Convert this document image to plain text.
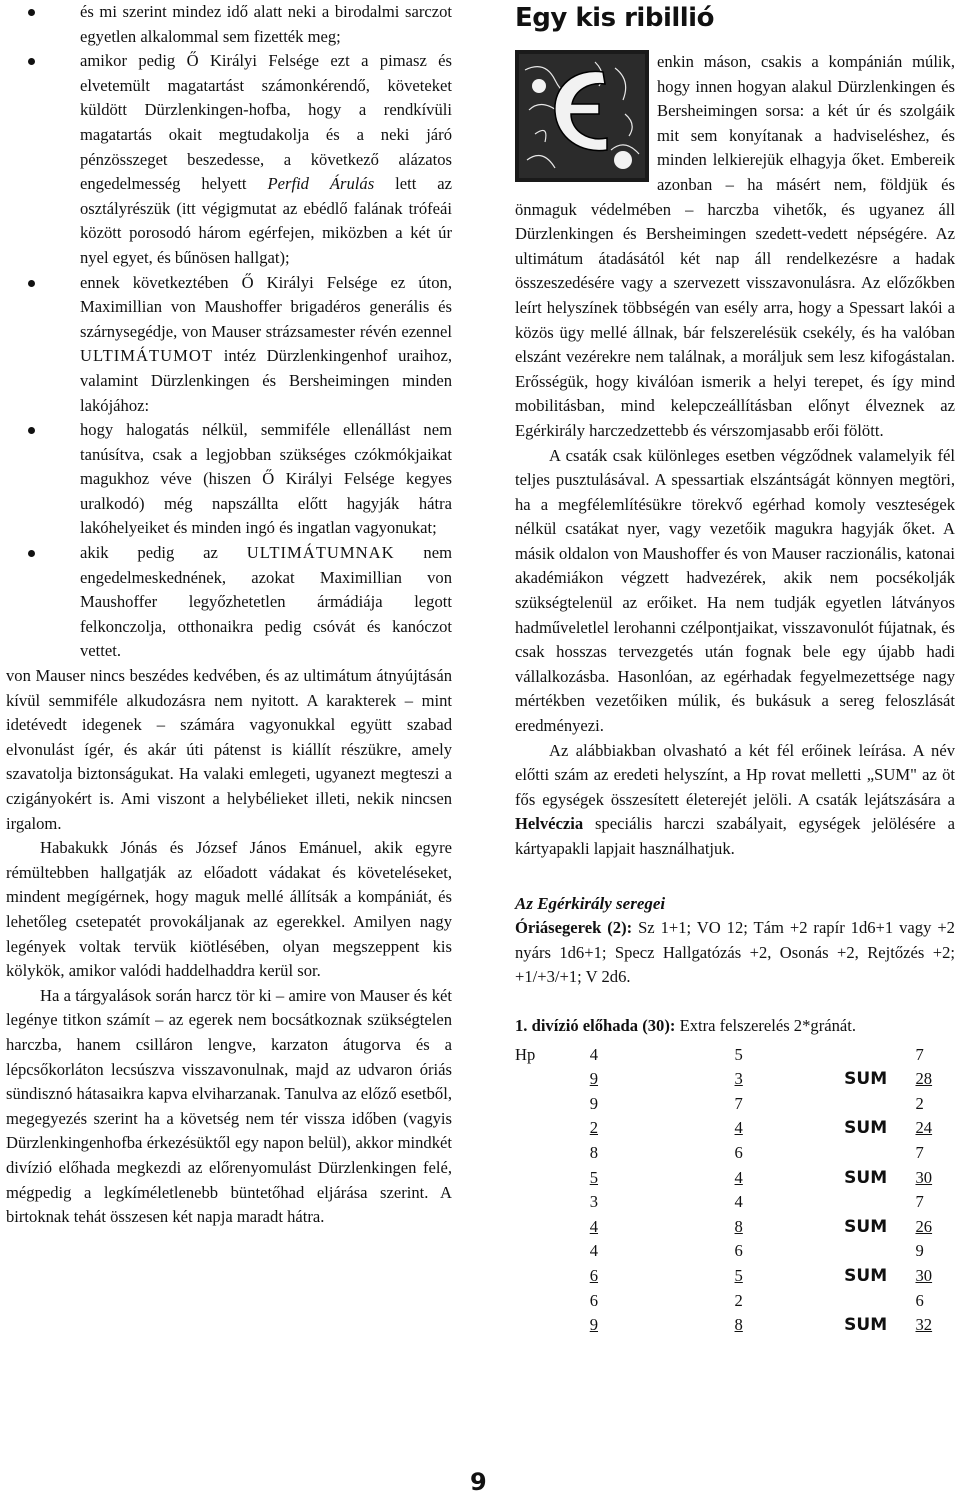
és mi szerint mindez idő alatt neki a birodalmi sarczot egyetlen alkalommal sem fizették meg;
amikor pedig Ő Királyi Felsége ezt a pimasz és elvetemült magatartást számonkérendő, követeket küldött Dürzlenkingen-hofba, hogy a rendkívüli magatartás okait megtudakolja és a neki járó pénzösszeget beszedesse, a következő alázatos engedelmesség helyett Perfid Árulás lett az osztályrészük (itt végigmutat az ebédlő falának trófeái között porosodó három egérfejen, miközben a két úr nyel egyet, és bűnösen hallgat);
ennek következtében Ő Királyi Felsége ez úton, Maximillian von Maushoffer brigadéros generális és szárnysegédje, von Mauser strázsamester révén ezennel ULTIMÁTUMOT intéz Dürzlenkingenhof uraihoz, valamint Dürzlenkingen és Bersheimingen minden lakójához:
hogy halogatás nélkül, semmiféle ellenállást nem tanúsítva, csak a legjobban szükséges czókmókjaikat magukhoz véve (hiszen Ő Királyi Felsége kegyes uralkodó) még napszállta előtt hagyják hátra lakóhelyeiket és minden ingó és ingatlan vagyonukat;
akik pedig az ULTIMÁTUMNAK nem engedelmeskednének, azokat Maximillian von Maushoffer legyőzhetetlen ármádiája legott felkonczolja, otthonaikra pedig csóvát és kanóczot vettet.

von Mauser nincs beszédes kedvében, és az ultimátum átnyújtásán kívül semmiféle alkudozásra nem nyitott. A karakterek – mint idetévedt idegenek – számára vagyonukkal együtt szabad elvonulást ígér, és akár úti pátenst is kiállít részükre, amely szavatolja biztonságukat. Ha valaki emlegeti, ugyanezt megteszi a czigányokért is. Ami viszont a helybélieket illeti, nekik nincsen irgalom.

Habakukk Jónás és József János Emánuel, akik egyre rémültebben hallgatják az előadott vádakat és követeléseket, mindent megígérnek, hogy maguk mellé állítsák a kompániát, és lehetőleg csetepatét provokáljanak az egerekkel. Amilyen nagy legények voltak tervük kiötlésében, olyan megszeppent kis kölykök, amikor valódi haddelhaddra kerül sor.

Ha a tárgyalások során harcz tör ki – amire von Mauser és két legénye titkon számít – az egerek nem bocsátkoznak szükségtelen harczba, hanem csilláron lengve, karzaton átugorva és a lépcsőkorláton lecsúszva visszavonulnak, majd az udvaron óriás sündisznó hátasaikra kapva elviharzanak. Tanulva az előző esetből, megegyezés szerint ha a követség nem tér vissza időben (vagyis Dürzlenkingenhofba érkezésüktől egy napon belül), akkor mindkét divízió előhada megkezdi az előrenyomulást Dürzlenkingen felé, mégpedig a legkíméletlenebb büntetőhad eljárása szerint. A birtoknak tehát összesen két napja maradt hátra.

Egy kis ribillió

enkin máson, csakis a kompánián múlik, hogy innen hogyan alakul Dürzlenkingen és Bersheimingen sorsa: a két úr és szolgáik mit sem konyítanak a hadviseléshez, és minden lelkierejük elhagyja őket. Embereik azonban – ha másért nem, földjük és önmaguk védelmében – harczba vihetők, és ugyanez áll Dürzlenkingen és Bersheimingen szedett-vedett népségére. Az ultimátum átadásától két nap áll rendelkezésre a hadak összeszedésére vagy a szervezett visszavonulásra. Az előzőkben leírt helyszínek többségén van esély arra, hogy a Spessart lakói a közös ügy mellé állnak, bár felszerelésük csekély, és ha valóban elszánt vezérekre nem találnak, a moráljuk sem lesz kifogástalan. Erősségük, hogy kiválóan ismerik a helyi terepet, és így mind mobilitásban, mind kelepczeállításban előnyt élveznek az Egérkirály harczedzettebb és vérszomjasabb erői fölött.

A csaták csak különleges esetben végződnek valamelyik fél teljes pusztulásával. A spessartiak elszántságát könnyen megtöri, ha a megfélemlítésükre törekvő egérhad komoly veszteségek nélkül csatákat nyer, vagy vezetőik magukra hagyják őket. A másik oldalon von Maushoffer és von Mauser raczionális, katonai akadémiákon végzett hadvezérek, akik nem pocsékolják szükségtelenül az erőiket. Ha nem tudják egyetlen látványos hadműveletlel lerohanni czélpontjaikat, visszavonulót fújatnak, és csak hosszas tervezgetés után fognak bele egy újabb hadi vállalkozásba. Hasonlóan, az egérhadak fegyelmezettsége nagy mértékben vezetőiken múlik, és bukásuk a sereg feloszlását eredményezi.

Az alábbiakban olvasható a két fél erőinek leírása. A név előtti szám az eredeti helyszínt, a Hp rovat melletti „SUM" az öt fős egységek összesített életerejét jelöli. A csaták lejátszására a Helvéczia speciális harczi szabályait, egységek jelölésére a kártyapakli lapjait használhatjuk.

Az Egérkirály seregei

Óriásegerek (2): Sz 1+1; VO 12; Tám +2 rapír 1d6+1 vagy +2 nyárs 1d6+1; Specz Hallgatózás +2, Osonás +2, Rejtőzés +2; +1/+3/+1; V 2d6.

1. divízió előhada (30): Extra felszerelés 2*gránát.

Hp	4	5		7
	9	3	SUM	28
	9	7		2
	2	4	SUM	24
	8	6		7
	5	4	SUM	30
	3	4		7
	4	8	SUM	26
	4	6		9
	6	5	SUM	30
	6	2		6
	9	8	SUM	32
9
